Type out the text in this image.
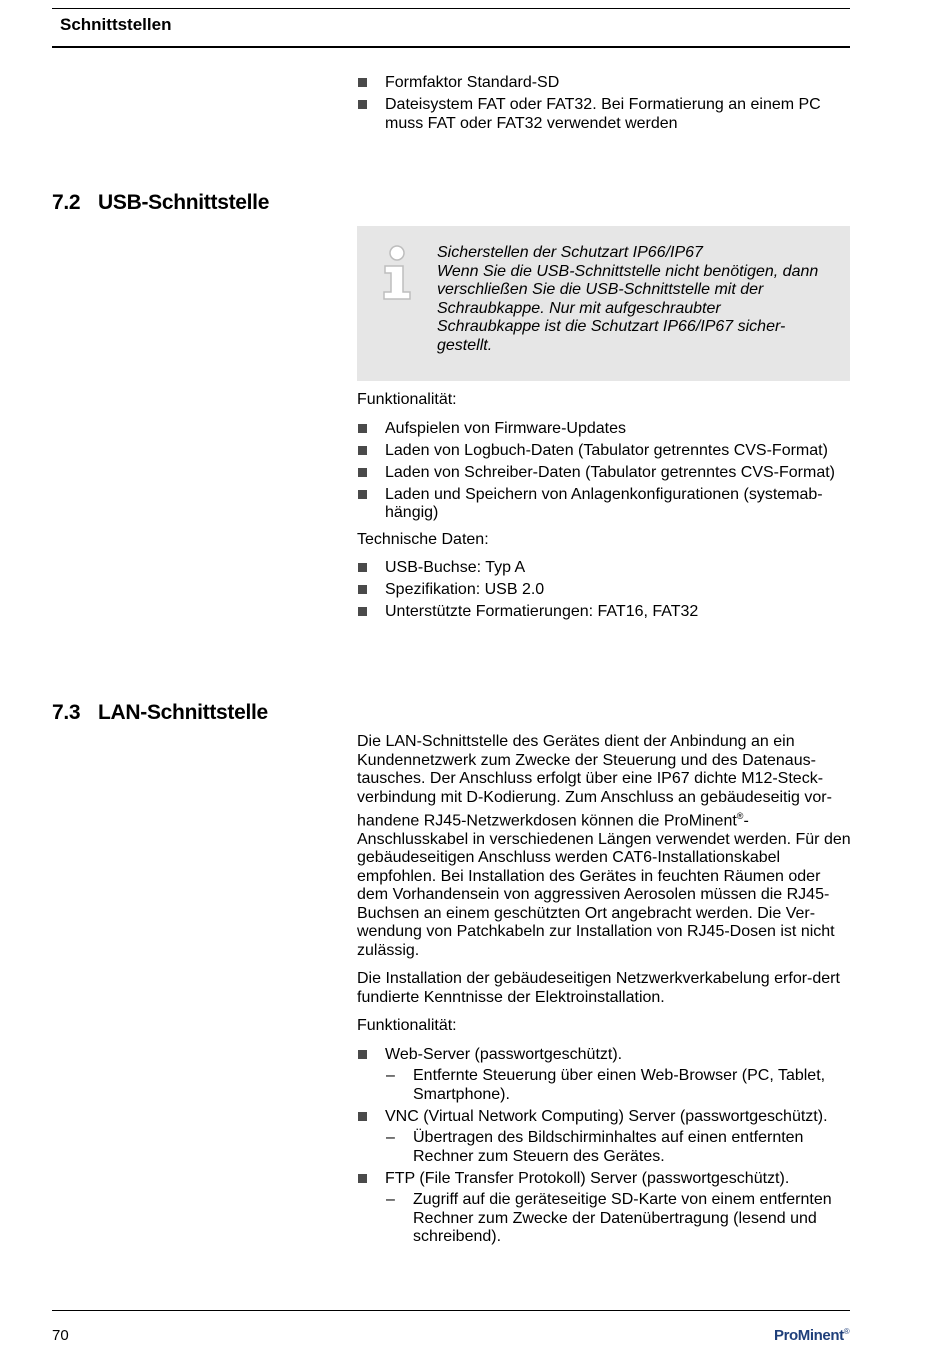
Schnittstellen
Formfaktor Standard-SD
Dateisystem FAT oder FAT32. Bei Formatierung an einem PC muss FAT oder FAT32 verwendet werden
7.2 USB-Schnittstelle
Sicherstellen der Schutzart IP66/IP67
Wenn Sie die USB-Schnittstelle nicht benötigen, dann verschließen Sie die USB-Schnittstelle mit der Schraubkappe. Nur mit aufgeschraubter Schraubkappe ist die Schutzart IP66/IP67 sicher-gestellt.
Funktionalität:
Aufspielen von Firmware-Updates
Laden von Logbuch-Daten (Tabulator getrenntes CVS-Format)
Laden von Schreiber-Daten (Tabulator getrenntes CVS-Format)
Laden und Speichern von Anlagenkonfigurationen (systemab-hängig)
Technische Daten:
USB-Buchse: Typ A
Spezifikation: USB 2.0
Unterstützte Formatierungen: FAT16, FAT32
7.3 LAN-Schnittstelle

Die LAN-Schnittstelle des Gerätes dient der Anbindung an ein Kundennetzwerk zum Zwecke der Steuerung und des Datenaus-tausches. Der Anschluss erfolgt über eine IP67 dichte M12-Steck-verbindung mit D-Kodierung. Zum Anschluss an gebäudeseitig vor-handene RJ45-Netzwerkdosen können die ProMinent®-Anschlusskabel in verschiedenen Längen verwendet werden. Für den gebäudeseitigen Anschluss werden CAT6-Installationskabel empfohlen. Bei Installation des Gerätes in feuchten Räumen oder dem Vorhandensein von aggressiven Aerosolen müssen die RJ45-Buchsen an einem geschützten Ort angebracht werden. Die Ver-wendung von Patchkabeln zur Installation von RJ45-Dosen ist nicht zulässig.

Die Installation der gebäudeseitigen Netzwerkverkabelung erfor-dert fundierte Kenntnisse der Elektroinstallation.

Funktionalität:
Web-Server (passwortgeschützt).
– Entfernte Steuerung über einen Web-Browser (PC, Tablet, Smartphone).
VNC (Virtual Network Computing) Server (passwortgeschützt).
– Übertragen des Bildschirminhaltes auf einen entfernten Rechner zum Steuern des Gerätes.
FTP (File Transfer Protokoll) Server (passwortgeschützt).
– Zugriff auf die geräteseitige SD-Karte von einem entfernten Rechner zum Zwecke der Datenübertragung (lesend und schreibend).
70	ProMinent®
